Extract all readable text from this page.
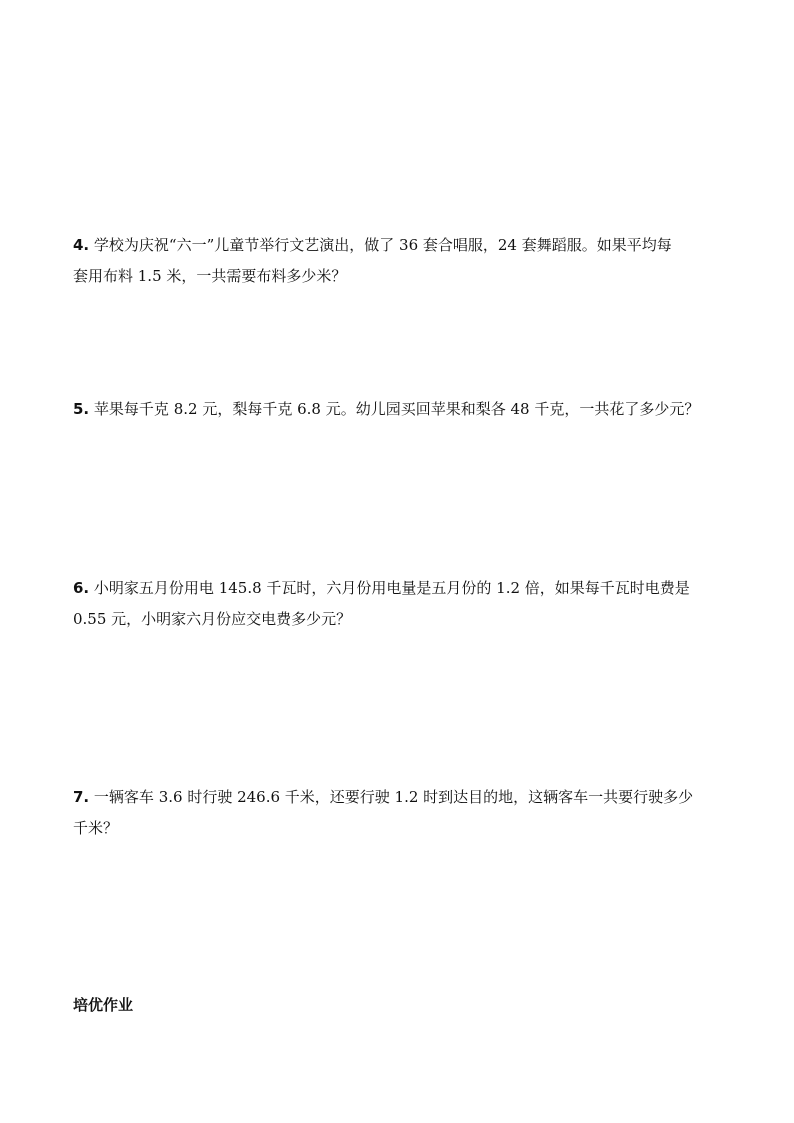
4. 学校为庆祝“六一”儿童节举行文艺演出，做了 36 套合唱服，24 套舞蹈服。如果平均每
套用布料 1.5 米，一共需要布料多少米？
5. 苹果每千克 8.2 元，梨每千克 6.8 元。幼儿园买回苹果和梨各 48 千克，一共花了多少元？
6. 小明家五月份用电 145.8 千瓦时，六月份用电量是五月份的 1.2 倍，如果每千瓦时电费是
0.55 元，小明家六月份应交电费多少元？
7. 一辆客车 3.6 时行驶 246.6 千米，还要行驶 1.2 时到达目的地，这辆客车一共要行驶多少
千米？

培优作业
